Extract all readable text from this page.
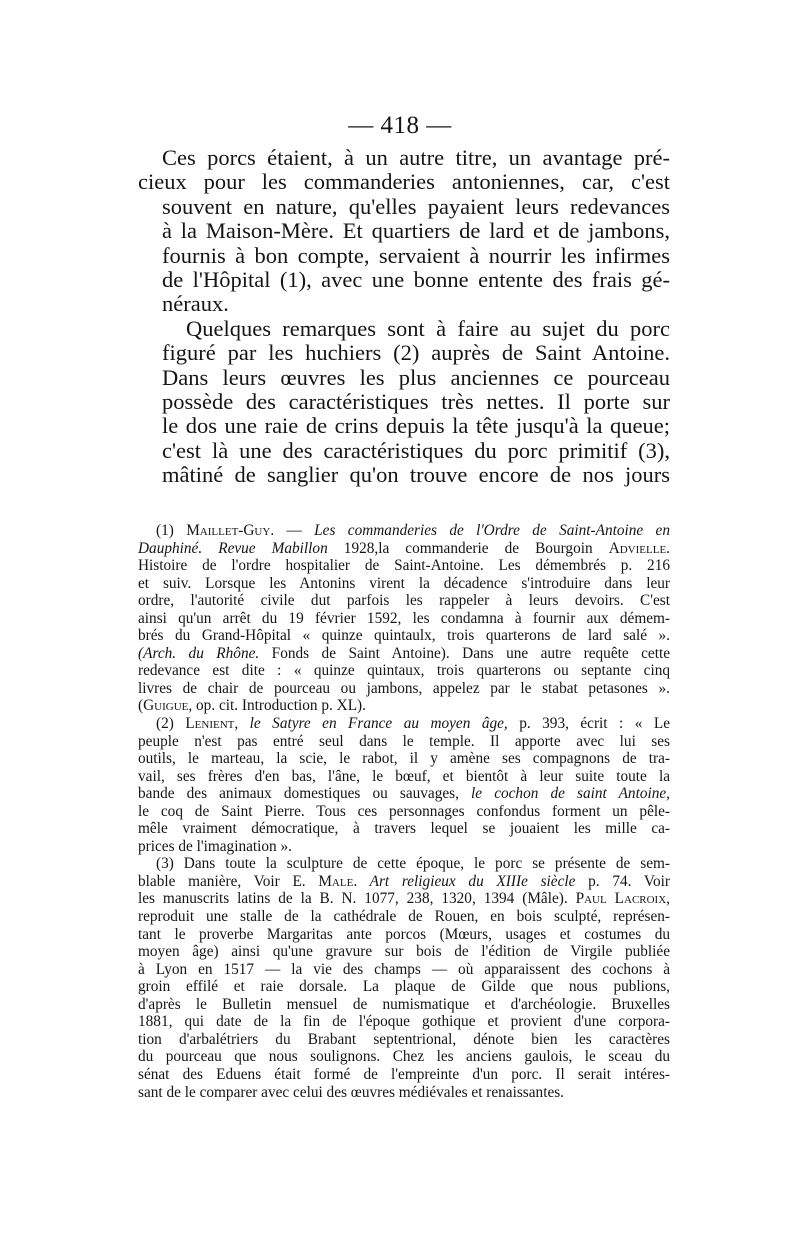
— 418 —

Ces porcs étaient, à un autre titre, un avantage pré-
cieux pour les commanderies antoniennes, car, c'est
souvent en nature, qu'elles payaient leurs redevances
à la Maison-Mère. Et quartiers de lard et de jambons,
fournis à bon compte, servaient à nourrir les infirmes
de l'Hôpital (1), avec une bonne entente des frais gé-
néraux.

Quelques remarques sont à faire au sujet du porc
figuré par les huchiers (2) auprès de Saint Antoine.
Dans leurs œuvres les plus anciennes ce pourceau
possède des caractéristiques très nettes. Il porte sur
le dos une raie de crins depuis la tête jusqu'à la queue;
c'est là une des caractéristiques du porc primitif (3),
mâtiné de sanglier qu'on trouve encore de nos jours

(1) Maillet-Guy. — Les commanderies de l'Ordre de Saint-Antoine en
Dauphiné. Revue Mabillon 1928,la commanderie de Bourgoin Advielle.
Histoire de l'ordre hospitalier de Saint-Antoine. Les démembrés p. 216
et suiv. Lorsque les Antonins virent la décadence s'introduire dans leur
ordre, l'autorité civile dut parfois les rappeler à leurs devoirs. C'est
ainsi qu'un arrêt du 19 février 1592, les condamna à fournir aux démem-
brés du Grand-Hôpital « quinze quintaulx, trois quarterons de lard salé ».
(Arch. du Rhône. Fonds de Saint Antoine). Dans une autre requête cette
redevance est dite : « quinze quintaux, trois quarterons ou septante cinq
livres de chair de pourceau ou jambons, appelez par le stabat petasones ».
(Guigue, op. cit. Introduction p. XL).
(2) Lenient, le Satyre en France au moyen âge, p. 393, écrit : « Le
peuple n'est pas entré seul dans le temple. Il apporte avec lui ses
outils, le marteau, la scie, le rabot, il y amène ses compagnons de tra-
vail, ses frères d'en bas, l'âne, le bœuf, et bientôt à leur suite toute la
bande des animaux domestiques ou sauvages, le cochon de saint Antoine,
le coq de Saint Pierre. Tous ces personnages confondus forment un pêle-
mêle vraiment démocratique, à travers lequel se jouaient les mille ca-
prices de l'imagination ».
(3) Dans toute la sculpture de cette époque, le porc se présente de sem-
blable manière, Voir E. Male. Art religieux du XIIIe siècle p. 74. Voir
les manuscrits latins de la B. N. 1077, 238, 1320, 1394 (Mâle). Paul Lacroix,
reproduit une stalle de la cathédrale de Rouen, en bois sculpté, représen-
tant le proverbe Margaritas ante porcos (Mœurs, usages et costumes du
moyen âge) ainsi qu'une gravure sur bois de l'édition de Virgile publiée
à Lyon en 1517 — la vie des champs — où apparaissent des cochons à
groin effilé et raie dorsale. La plaque de Gilde que nous publions,
d'après le Bulletin mensuel de numismatique et d'archéologie. Bruxelles
1881, qui date de la fin de l'époque gothique et provient d'une corpora-
tion d'arbalétriers du Brabant septentrional, dénote bien les caractères
du pourceau que nous soulignons. Chez les anciens gaulois, le sceau du
sénat des Eduens était formé de l'empreinte d'un porc. Il serait intéres-
sant de le comparer avec celui des œuvres médiévales et renaissantes.
